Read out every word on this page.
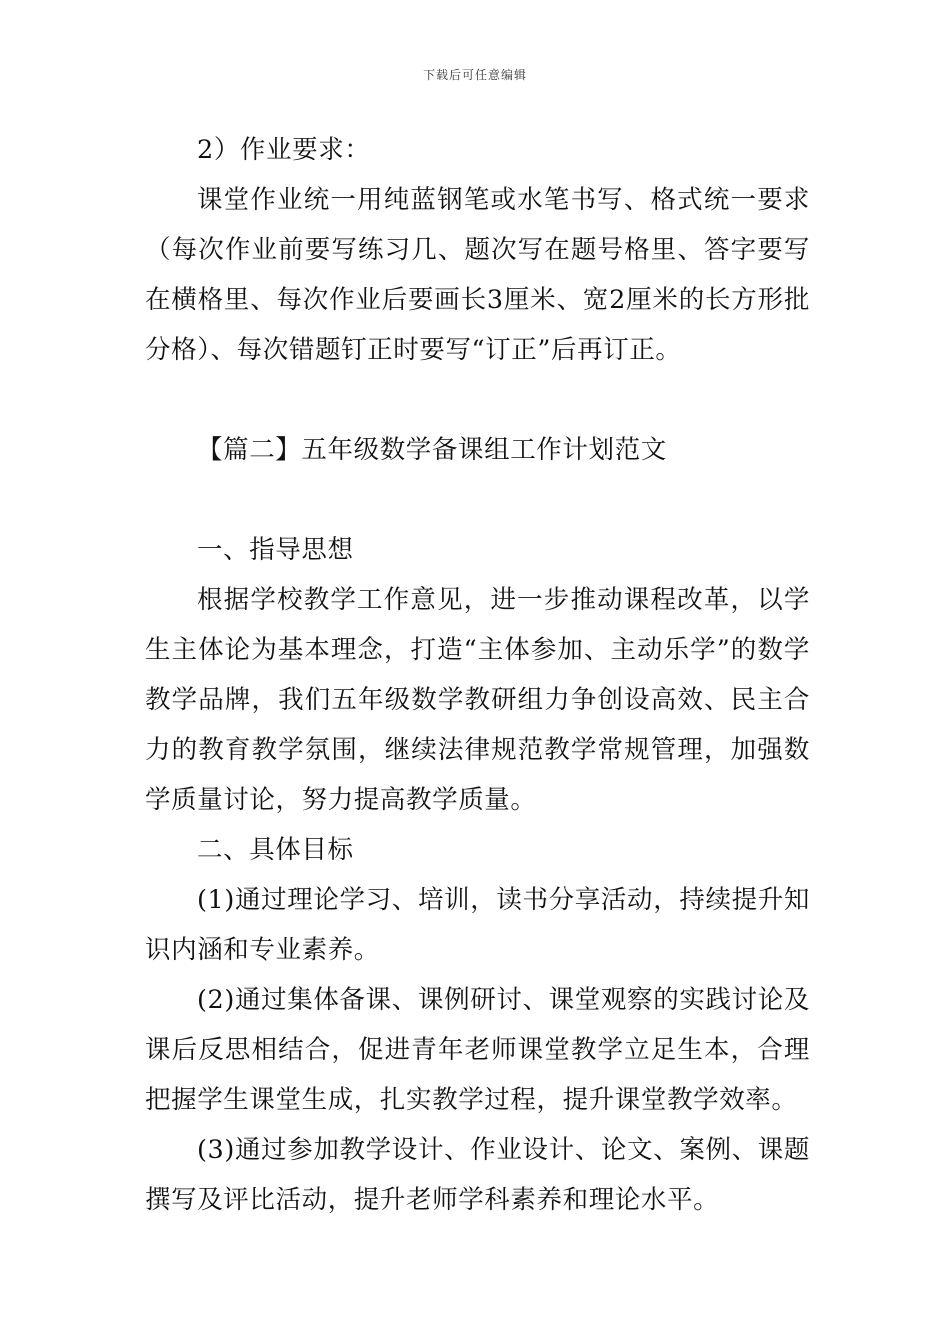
下载后可任意编辑

2）作业要求：

课堂作业统一用纯蓝钢笔或水笔书写、格式统一要求（每次作业前要写练习几、题次写在题号格里、答字要写在横格里、每次作业后要画长3厘米、宽2厘米的长方形批分格）、每次错题钉正时要写“订正”后再订正。

【篇二】五年级数学备课组工作计划范文

一、指导思想

根据学校教学工作意见，进一步推动课程改革，以学生主体论为基本理念，打造“主体参加、主动乐学”的数学教学品牌，我们五年级数学教研组力争创设高效、民主合力的教育教学氛围，继续法律规范教学常规管理，加强数学质量讨论，努力提高教学质量。

二、具体目标

(1)通过理论学习、培训，读书分享活动，持续提升知识内涵和专业素养。

(2)通过集体备课、课例研讨、课堂观察的实践讨论及课后反思相结合，促进青年老师课堂教学立足生本，合理把握学生课堂生成，扎实教学过程，提升课堂教学效率。

(3)通过参加教学设计、作业设计、论文、案例、课题撰写及评比活动，提升老师学科素养和理论水平。
